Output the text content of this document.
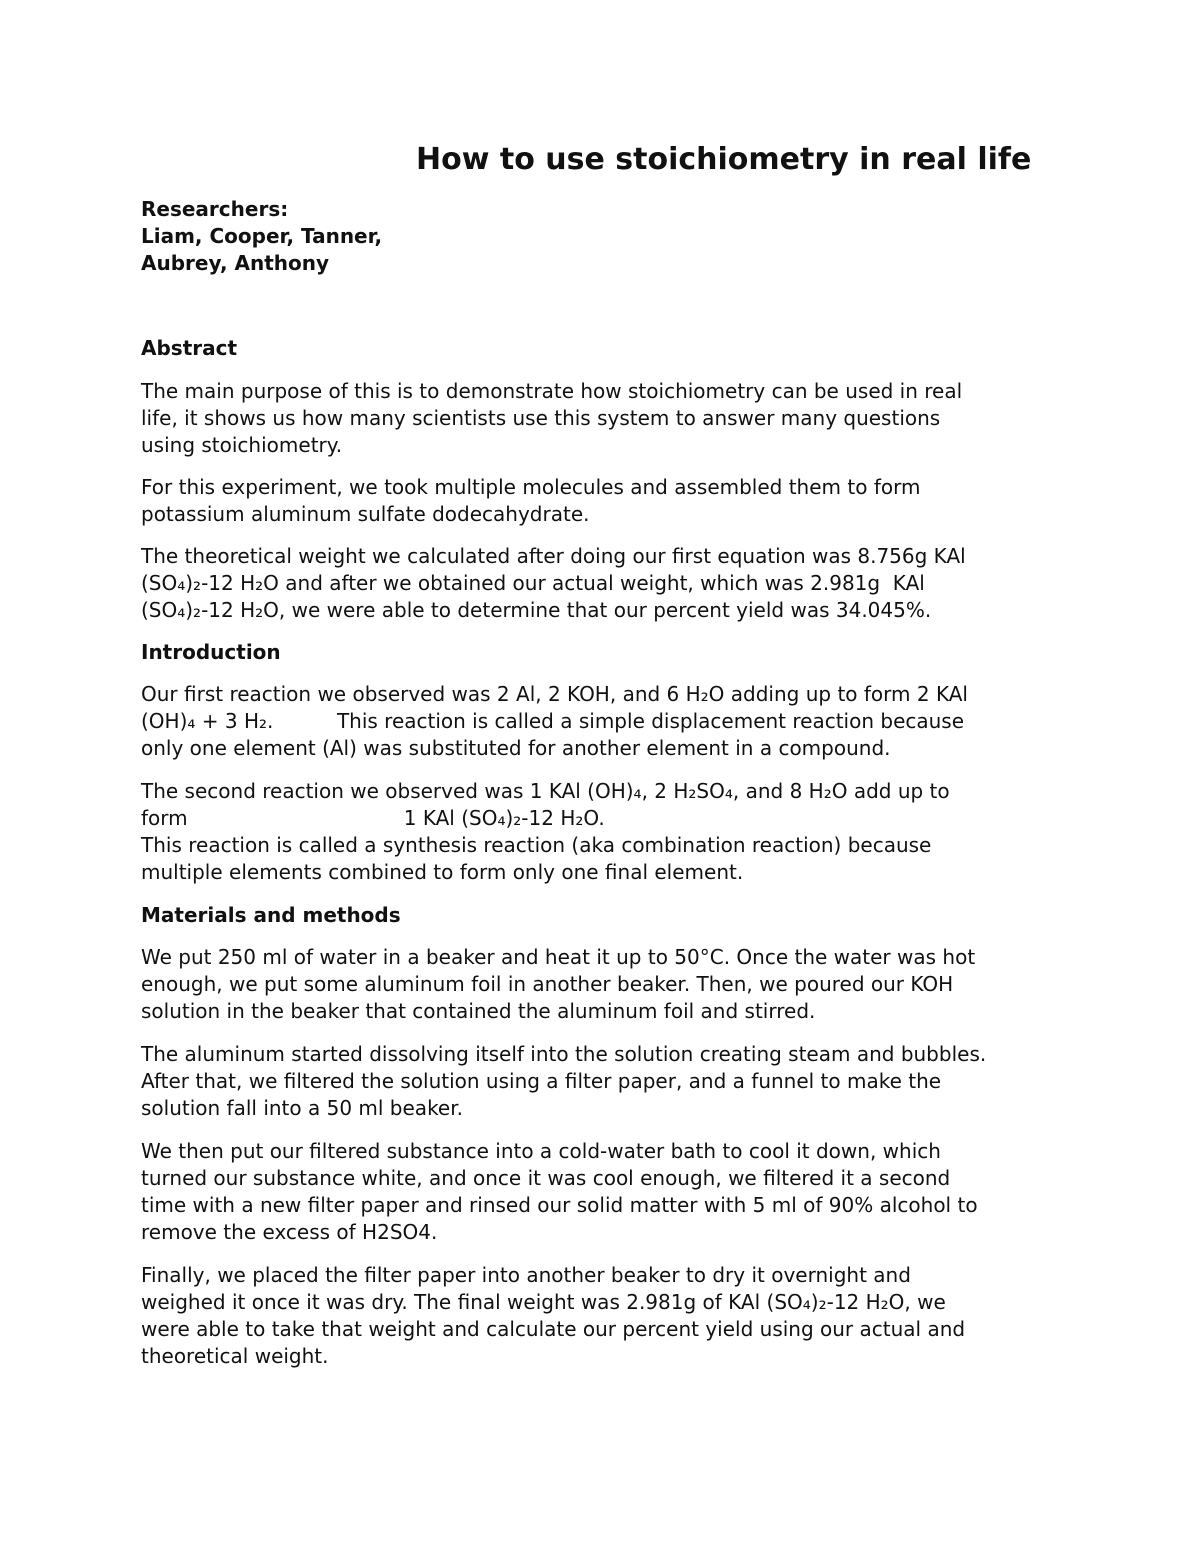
How to use stoichiometry in real life

Researchers:

Liam, Cooper, Tanner,

Aubrey, Anthony

Abstract
The main purpose of this is to demonstrate how stoichiometry can be used in real
life, it shows us how many scientists use this system to answer many questions
using stoichiometry.
For this experiment, we took multiple molecules and assembled them to form
potassium aluminum sulfate dodecahydrate.
The theoretical weight we calculated after doing our first equation was 8.756g KAl
(SO₄)₂-12 H₂O and after we obtained our actual weight, which was 2.981g  KAl
(SO₄)₂-12 H₂O, we were able to determine that our percent yield was 34.045%.
Introduction
Our first reaction we observed was 2 Al, 2 KOH, and 6 H₂O adding up to form 2 KAl
(OH)₄ + 3 H₂.          This reaction is called a simple displacement reaction because
only one element (Al) was substituted for another element in a compound.
The second reaction we observed was 1 KAl (OH)₄, 2 H₂SO₄, and 8 H₂O add up to
form                                  1 KAl (SO₄)₂-12 H₂O.
This reaction is called a synthesis reaction (aka combination reaction) because
multiple elements combined to form only one final element.
Materials and methods
We put 250 ml of water in a beaker and heat it up to 50°C. Once the water was hot
enough, we put some aluminum foil in another beaker. Then, we poured our KOH
solution in the beaker that contained the aluminum foil and stirred.
The aluminum started dissolving itself into the solution creating steam and bubbles.
After that, we filtered the solution using a filter paper, and a funnel to make the
solution fall into a 50 ml beaker.
We then put our filtered substance into a cold-water bath to cool it down, which
turned our substance white, and once it was cool enough, we filtered it a second
time with a new filter paper and rinsed our solid matter with 5 ml of 90% alcohol to
remove the excess of H2SO4.
Finally, we placed the filter paper into another beaker to dry it overnight and
weighed it once it was dry. The final weight was 2.981g of KAl (SO₄)₂-12 H₂O, we
were able to take that weight and calculate our percent yield using our actual and
theoretical weight.
